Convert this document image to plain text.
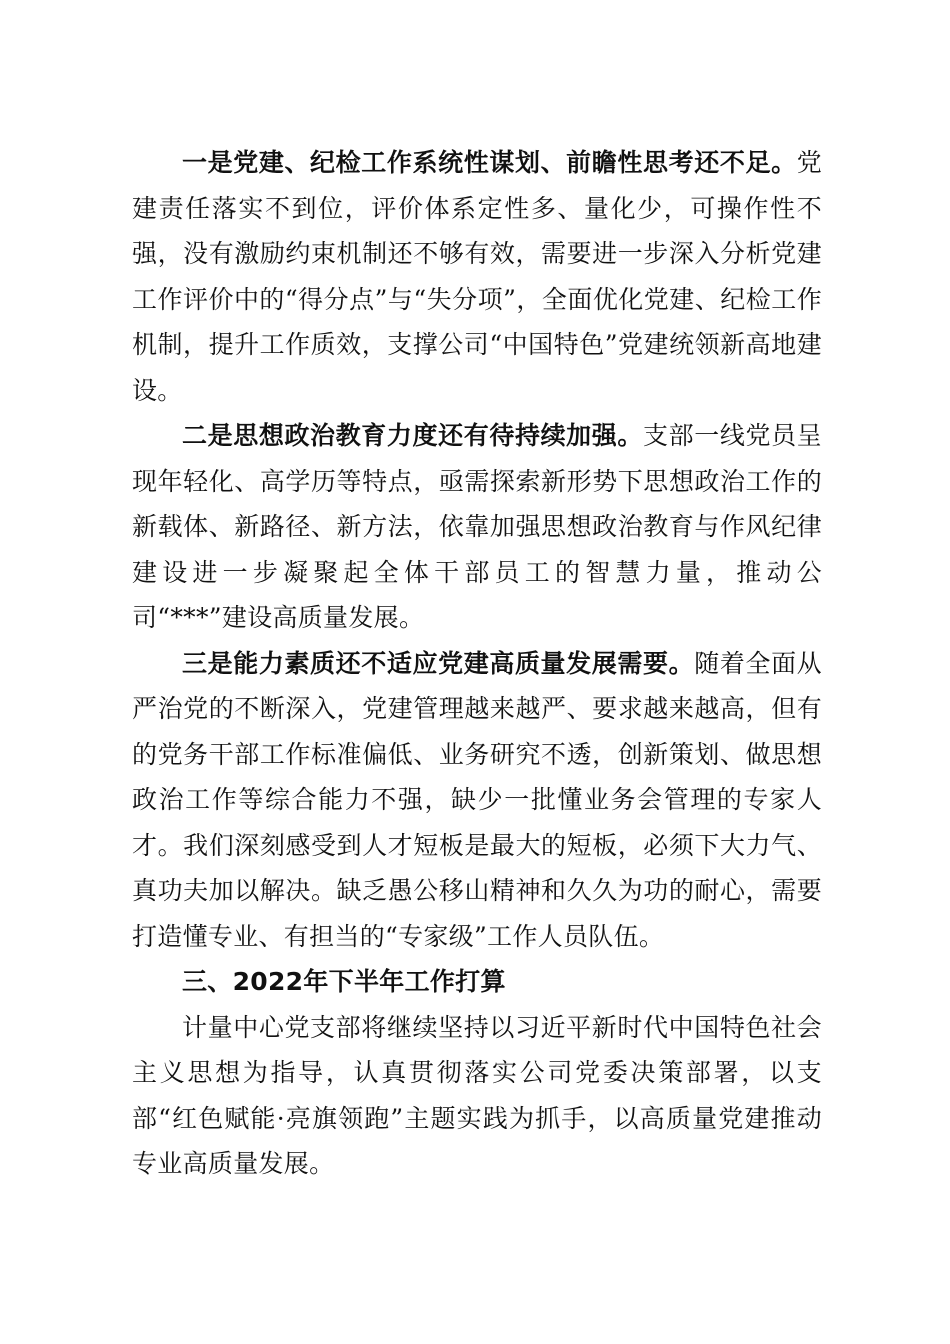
一是党建、纪检工作系统性谋划、前瞻性思考还不足。党建责任落实不到位，评价体系定性多、量化少，可操作性不强，没有激励约束机制还不够有效，需要进一步深入分析党建工作评价中的“得分点”与“失分项”，全面优化党建、纪检工作机制，提升工作质效，支撑公司“中国特色”党建统领新高地建设。

二是思想政治教育力度还有待持续加强。支部一线党员呈现年轻化、高学历等特点，亟需探索新形势下思想政治工作的新载体、新路径、新方法，依靠加强思想政治教育与作风纪律建设进一步凝聚起全体干部员工的智慧力量，推动公司“***”建设高质量发展。

三是能力素质还不适应党建高质量发展需要。随着全面从严治党的不断深入，党建管理越来越严、要求越来越高，但有的党务干部工作标准偏低、业务研究不透，创新策划、做思想政治工作等综合能力不强，缺少一批懂业务会管理的专家人才。我们深刻感受到人才短板是最大的短板，必须下大力气、真功夫加以解决。缺乏愚公移山精神和久久为功的耐心，需要打造懂专业、有担当的“专家级”工作人员队伍。

三、2022年下半年工作打算

计量中心党支部将继续坚持以习近平新时代中国特色社会主义思想为指导，认真贯彻落实公司党委决策部署，以支部“红色赋能·亮旗领跑”主题实践为抓手，以高质量党建推动专业高质量发展。
